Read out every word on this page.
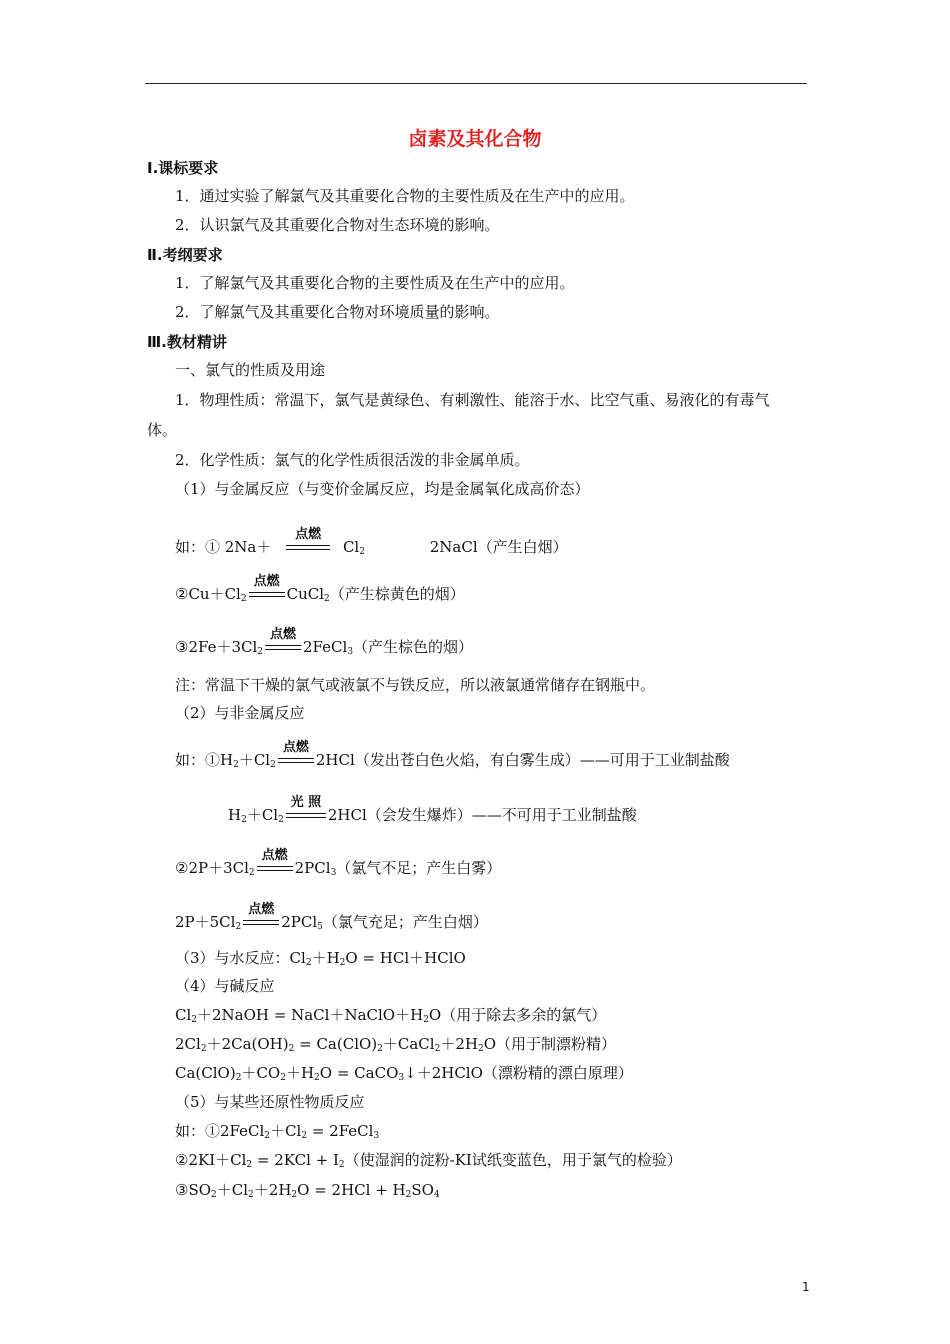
卤素及其化合物
Ⅰ.课标要求
1．通过实验了解氯气及其重要化合物的主要性质及在生产中的应用。
2．认识氯气及其重要化合物对生态环境的影响。
Ⅱ.考纲要求
1．了解氯气及其重要化合物的主要性质及在生产中的应用。
2．了解氯气及其重要化合物对环境质量的影响。
Ⅲ.教材精讲
一、氯气的性质及用途
1．物理性质：常温下，氯气是黄绿色、有刺激性、能溶于水、比空气重、易液化的有毒气
体。
2．化学性质：氯气的化学性质很活泼的非金属单质。
（1）与金属反应（与变价金属反应，均是金属氧化成高价态）
如：① 2Na＋
点燃
$Cl_2$	2NaCl（产生白烟）
$②Cu+Cl_2$
点燃
CuCl$_2$（产生棕黄色的烟）
$③2Fe+3Cl_2$
点燃
2FeCl$_3$（产生棕色的烟）
注：常温下干燥的氯气或液氯不与铁反应，所以液氯通常储存在钢瓶中。
（2）与非金属反应
如：$①H_2+Cl_2$
点燃
2HCl（发出苍白色火焰，有白雾生成）——可用于工业制盐酸
$H_2+Cl_2$
光 照
2HCl（会发生爆炸）——不可用于工业制盐酸
$②2P+3Cl_2$
点燃
2PCl$_3$（氯气不足；产生白雾）
$2P+5Cl_2$
点燃
2PCl$_5$（氯气充足；产生白烟）
（3）与水反应：$Cl_2+H_2O$ = HCl＋HClO
（4）与碱反应
$Cl_2+2NaOH$ = $NaCl+NaClO+H_2O$（用于除去多余的氯气）
$2Cl_2+2Ca(OH)_2$ = $Ca(ClO)_2+CaCl_2+2H_2O$（用于制漂粉精）
$Ca(ClO)_2+CO_2+H_2O$ = CaCO$_3$↓＋2HClO（漂粉精的漂白原理）
（5）与某些还原性物质反应
如：$①2FeCl_2+Cl_2$ = 2FeCl$_3$
$②2KI+Cl_2 = 2KCl + I_2$（使湿润的淀粉-KI试纸变蓝色，用于氯气的检验）
$③SO_2+Cl_2+2H_2O = 2HCl + H_2SO_4$
1
